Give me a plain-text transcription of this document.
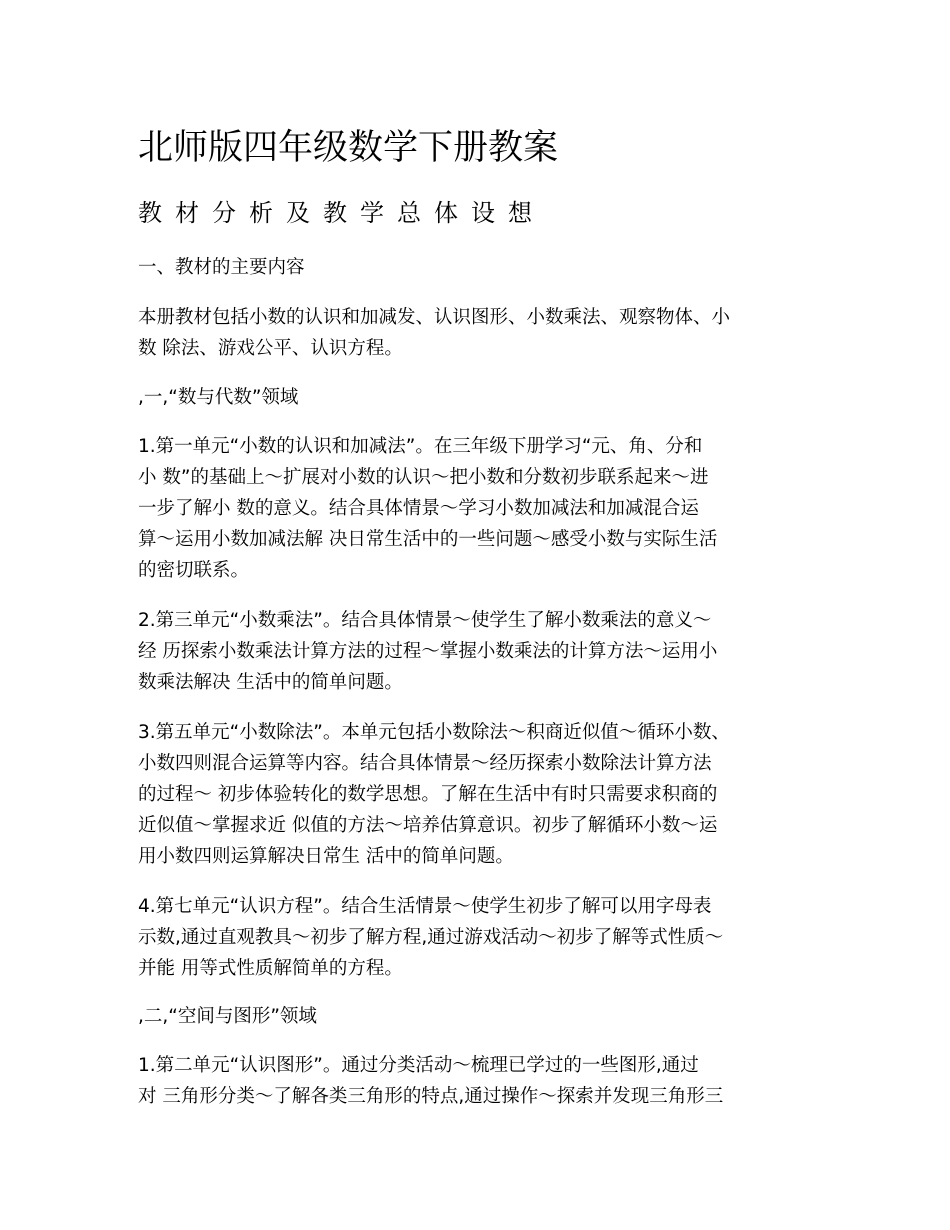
北师版四年级数学下册教案
教材分析及教学总体设想
一、教材的主要内容
本册教材包括小数的认识和加减发、认识图形、小数乘法、观察物体、小
数 除法、游戏公平、认识方程。
,一,“数与代数”领域
1.第一单元“小数的认识和加减法”。在三年级下册学习“元、角、分和
小 数”的基础上～扩展对小数的认识～把小数和分数初步联系起来～进
一步了解小 数的意义。结合具体情景～学习小数加减法和加减混合运
算～运用小数加减法解 决日常生活中的一些问题～感受小数与实际生活
的密切联系。
2.第三单元“小数乘法”。结合具体情景～使学生了解小数乘法的意义～
经 历探索小数乘法计算方法的过程～掌握小数乘法的计算方法～运用小
数乘法解决 生活中的简单问题。
3.第五单元“小数除法”。本单元包括小数除法～积商近似值～循环小数、
小数四则混合运算等内容。结合具体情景～经历探索小数除法计算方法
的过程～ 初步体验转化的数学思想。了解在生活中有时只需要求积商的
近似值～掌握求近 似值的方法～培养估算意识。初步了解循环小数～运
用小数四则运算解决日常生 活中的简单问题。
4.第七单元“认识方程”。结合生活情景～使学生初步了解可以用字母表
示数,通过直观教具～初步了解方程,通过游戏活动～初步了解等式性质～
并能 用等式性质解简单的方程。
,二,“空间与图形”领域
1.第二单元“认识图形”。通过分类活动～梳理已学过的一些图形,通过
对 三角形分类～了解各类三角形的特点,通过操作～探索并发现三角形三
